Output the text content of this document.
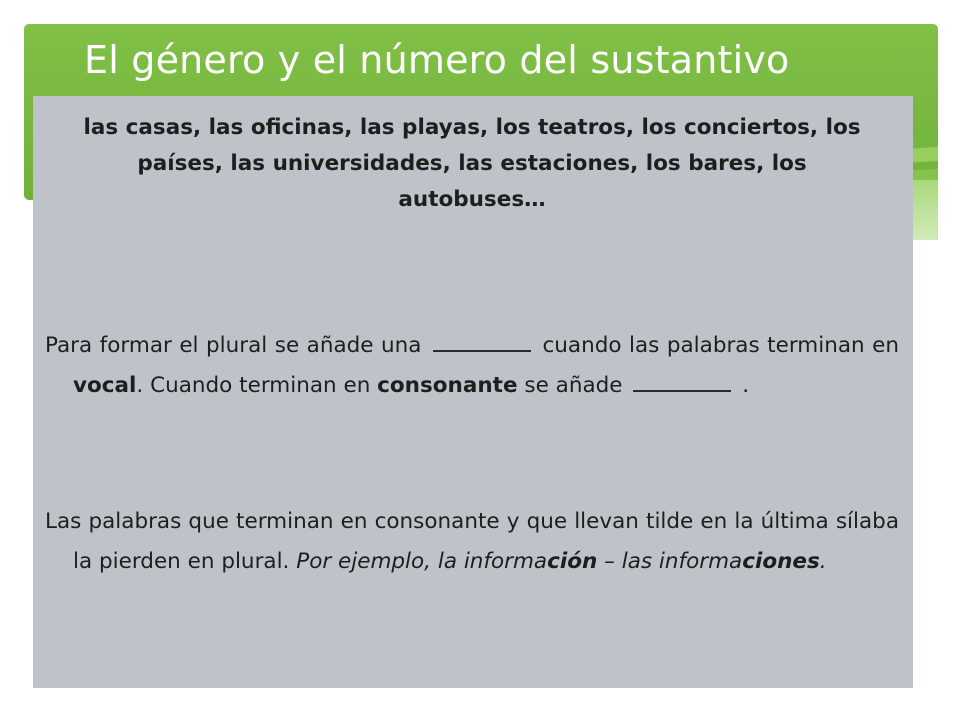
El género y el número del sustantivo

las casas, las oficinas, las playas, los teatros, los conciertos, los países, las universidades, las estaciones, los bares, los autobuses…

Para formar el plural se añade una	cuando las palabras terminan en vocal. Cuando terminan en consonante se añade	.

Las palabras que terminan en consonante y que llevan tilde en la última sílaba la pierden en plural. Por ejemplo, la información – las informaciones.
